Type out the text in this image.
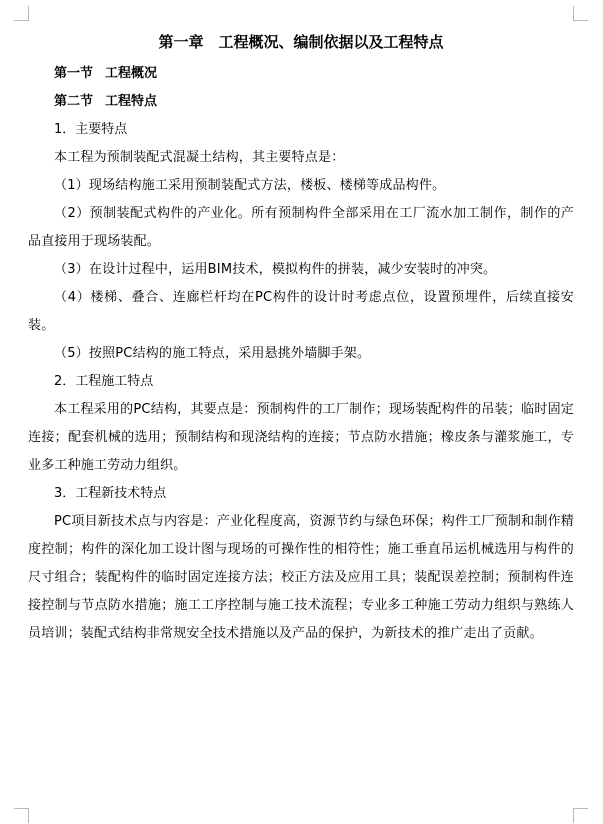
第一章　工程概况、编制依据以及工程特点

第一节 工程概况

第二节 工程特点

1．主要特点

本工程为预制装配式混凝土结构，其主要特点是：

（1）现场结构施工采用预制装配式方法，楼板、楼梯等成品构件。

（2）预制装配式构件的产业化。所有预制构件全部采用在工厂流水加工制作，制作的产品直接用于现场装配。

（3）在设计过程中，运用BIM技术，模拟构件的拼装，减少安装时的冲突。

（4）楼梯、叠合、连廊栏杆均在PC构件的设计时考虑点位，设置预埋件，后续直接安装。

（5）按照PC结构的施工特点，采用悬挑外墙脚手架。

2．工程施工特点

本工程采用的PC结构，其要点是：预制构件的工厂制作；现场装配构件的吊装；临时固定连接；配套机械的选用；预制结构和现浇结构的连接；节点防水措施；橡皮条与灌浆施工，专业多工种施工劳动力组织。

3．工程新技术特点

PC项目新技术点与内容是：产业化程度高，资源节约与绿色环保；构件工厂预制和制作精度控制；构件的深化加工设计图与现场的可操作性的相符性；施工垂直吊运机械选用与构件的尺寸组合；装配构件的临时固定连接方法；校正方法及应用工具；装配误差控制；预制构件连接控制与节点防水措施；施工工序控制与施工技术流程；专业多工种施工劳动力组织与熟练人员培训；装配式结构非常规安全技术措施以及产品的保护，为新技术的推广走出了贡献。
